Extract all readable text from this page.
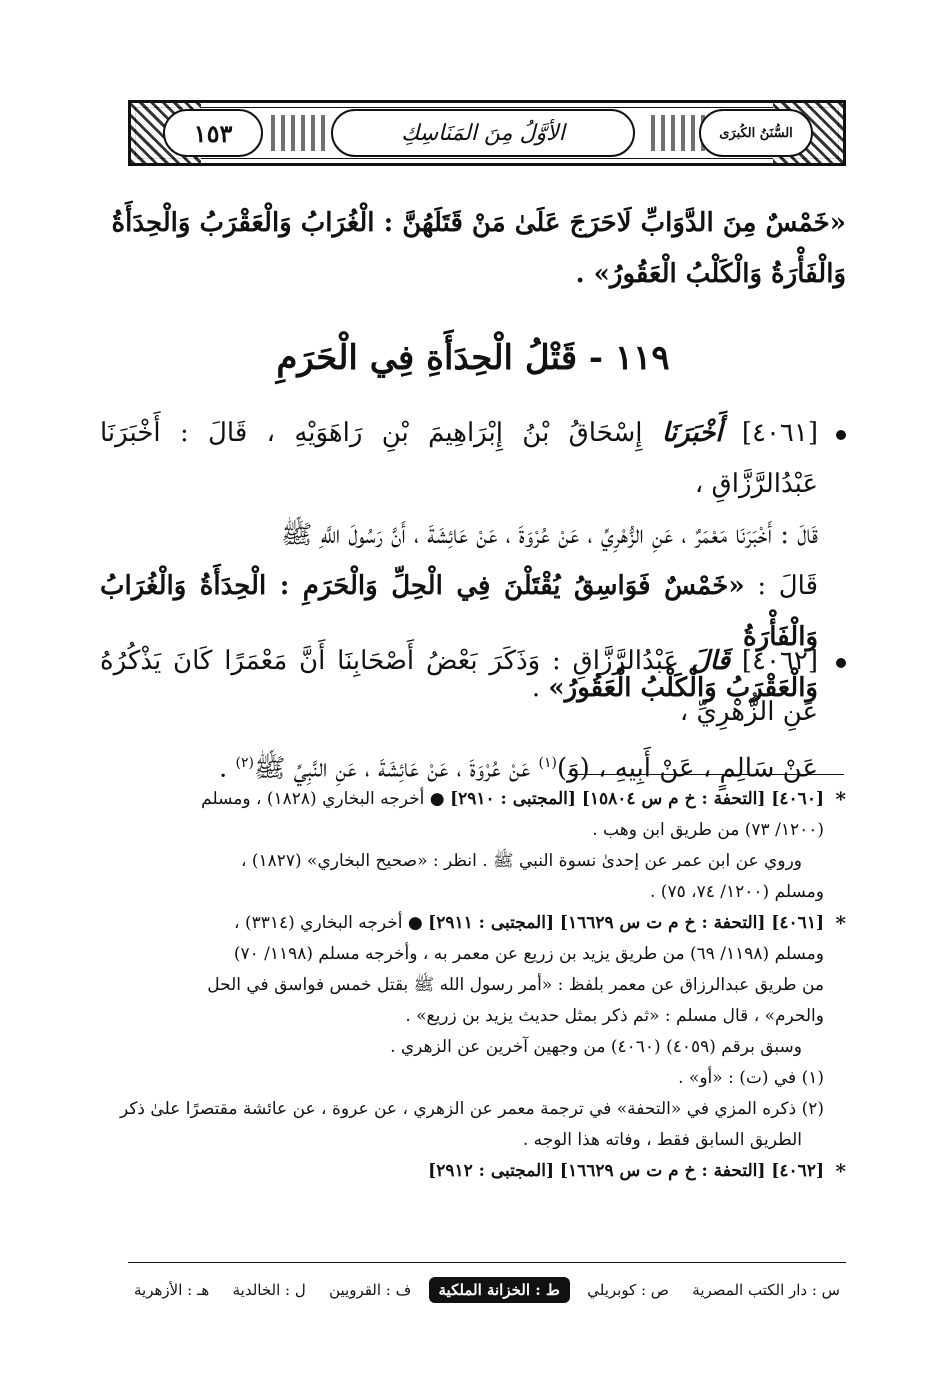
١٥٣	الأوَّلُ مِنَ المَنَاسِكِ	السُّنَنُ الكُبرَى

«خَمْسٌ مِنَ الدَّوَابِّ لَاحَرَجَ عَلَىٰ مَنْ قَتَلَهُنَّ : الْغُرَابُ وَالْعَقْرَبُ وَالْحِدَأَةُ

وَالْفَأْرَةُ وَالْكَلْبُ الْعَقُورُ» .

١١٩ - قَتْلُ الْحِدَأَةِ فِي الْحَرَمِ

[٤٠٦١] أَخْبَرَنَا إِسْحَاقُ بْنُ إِبْرَاهِيمَ بْنِ رَاهَوَيْهِ ، قَالَ : أَخْبَرَنَا عَبْدُالرَّزَّاقِ ،

قَالَ : أَخْبَرَنَا مَعْمَرٌ ، عَنِ الزُّهْرِيِّ ، عَنْ عُرْوَةَ ، عَنْ عَائِشَةَ ، أَنَّ رَسُولَ اللَّهِ ﷺ

قَالَ : «خَمْسٌ فَوَاسِقُ يُقْتَلْنَ فِي الْحِلِّ وَالْحَرَمِ : الْحِدَأَةُ وَالْغُرَابُ وَالْفَأْرَةُ

وَالْعَقْرَبُ وَالْكَلْبُ الْعَقُورُ» .

[٤٠٦٢] قَالَ عَبْدُالرَّزَّاقِ : وَذَكَرَ بَعْضُ أَصْحَابِنَا أَنَّ مَعْمَرًا كَانَ يَذْكُرُهُ عَنِ الزُّهْرِيِّ ،

عَنْ سَالِمٍ ، عَنْ أَبِيهِ ، (وَ)$^{(١)}$ عَنْ عُرْوَةَ ، عَنْ عَائِشَةَ ، عَنِ النَّبِيِّ ﷺ$^{(٢)}$ .

*
[٤٠٦٠] [التحفة : خ م س ١٥٨٠٤] [المجتبى : ٢٩١٠] ● أخرجه البخاري (١٨٢٨) ، ومسلم

(١٢٠٠/ ٧٣) من طريق ابن وهب .

وروي عن ابن عمر عن إحدىٰ نسوة النبي ﷺ . انظر : «صحيح البخاري» (١٨٢٧) ،

ومسلم (١٢٠٠/ ٧٤، ٧٥) .

*
[٤٠٦١] [التحفة : خ م ت س ١٦٦٢٩] [المجتبى : ٢٩١١] ● أخرجه البخاري (٣٣١٤) ،

ومسلم (١١٩٨/ ٦٩) من طريق يزيد بن زريع عن معمر به ، وأخرجه مسلم (١١٩٨/ ٧٠)

من طريق عبدالرزاق عن معمر بلفظ : «أمر رسول الله ﷺ بقتل خمس فواسق في الحل

والحرم» ، قال مسلم : «ثم ذكر بمثل حديث يزيد بن زريع» .

وسبق برقم (٤٠٥٩) (٤٠٦٠) من وجهين آخرين عن الزهري .

(١) في (ت) : «أو» .

(٢) ذكره المزي في «التحفة» في ترجمة معمر عن الزهري ، عن عروة ، عن عائشة مقتصرًا علىٰ ذكر

الطريق السابق فقط ، وفاته هذا الوجه .

*
[٤٠٦٢] [التحفة : خ م ت س ١٦٦٢٩] [المجتبى : ٢٩١٢]

س : دار الكتب المصرية
ص : كوبريلي
ط : الخزانة الملكية
ف : القرويين
ل : الخالدية
هـ : الأزهرية
